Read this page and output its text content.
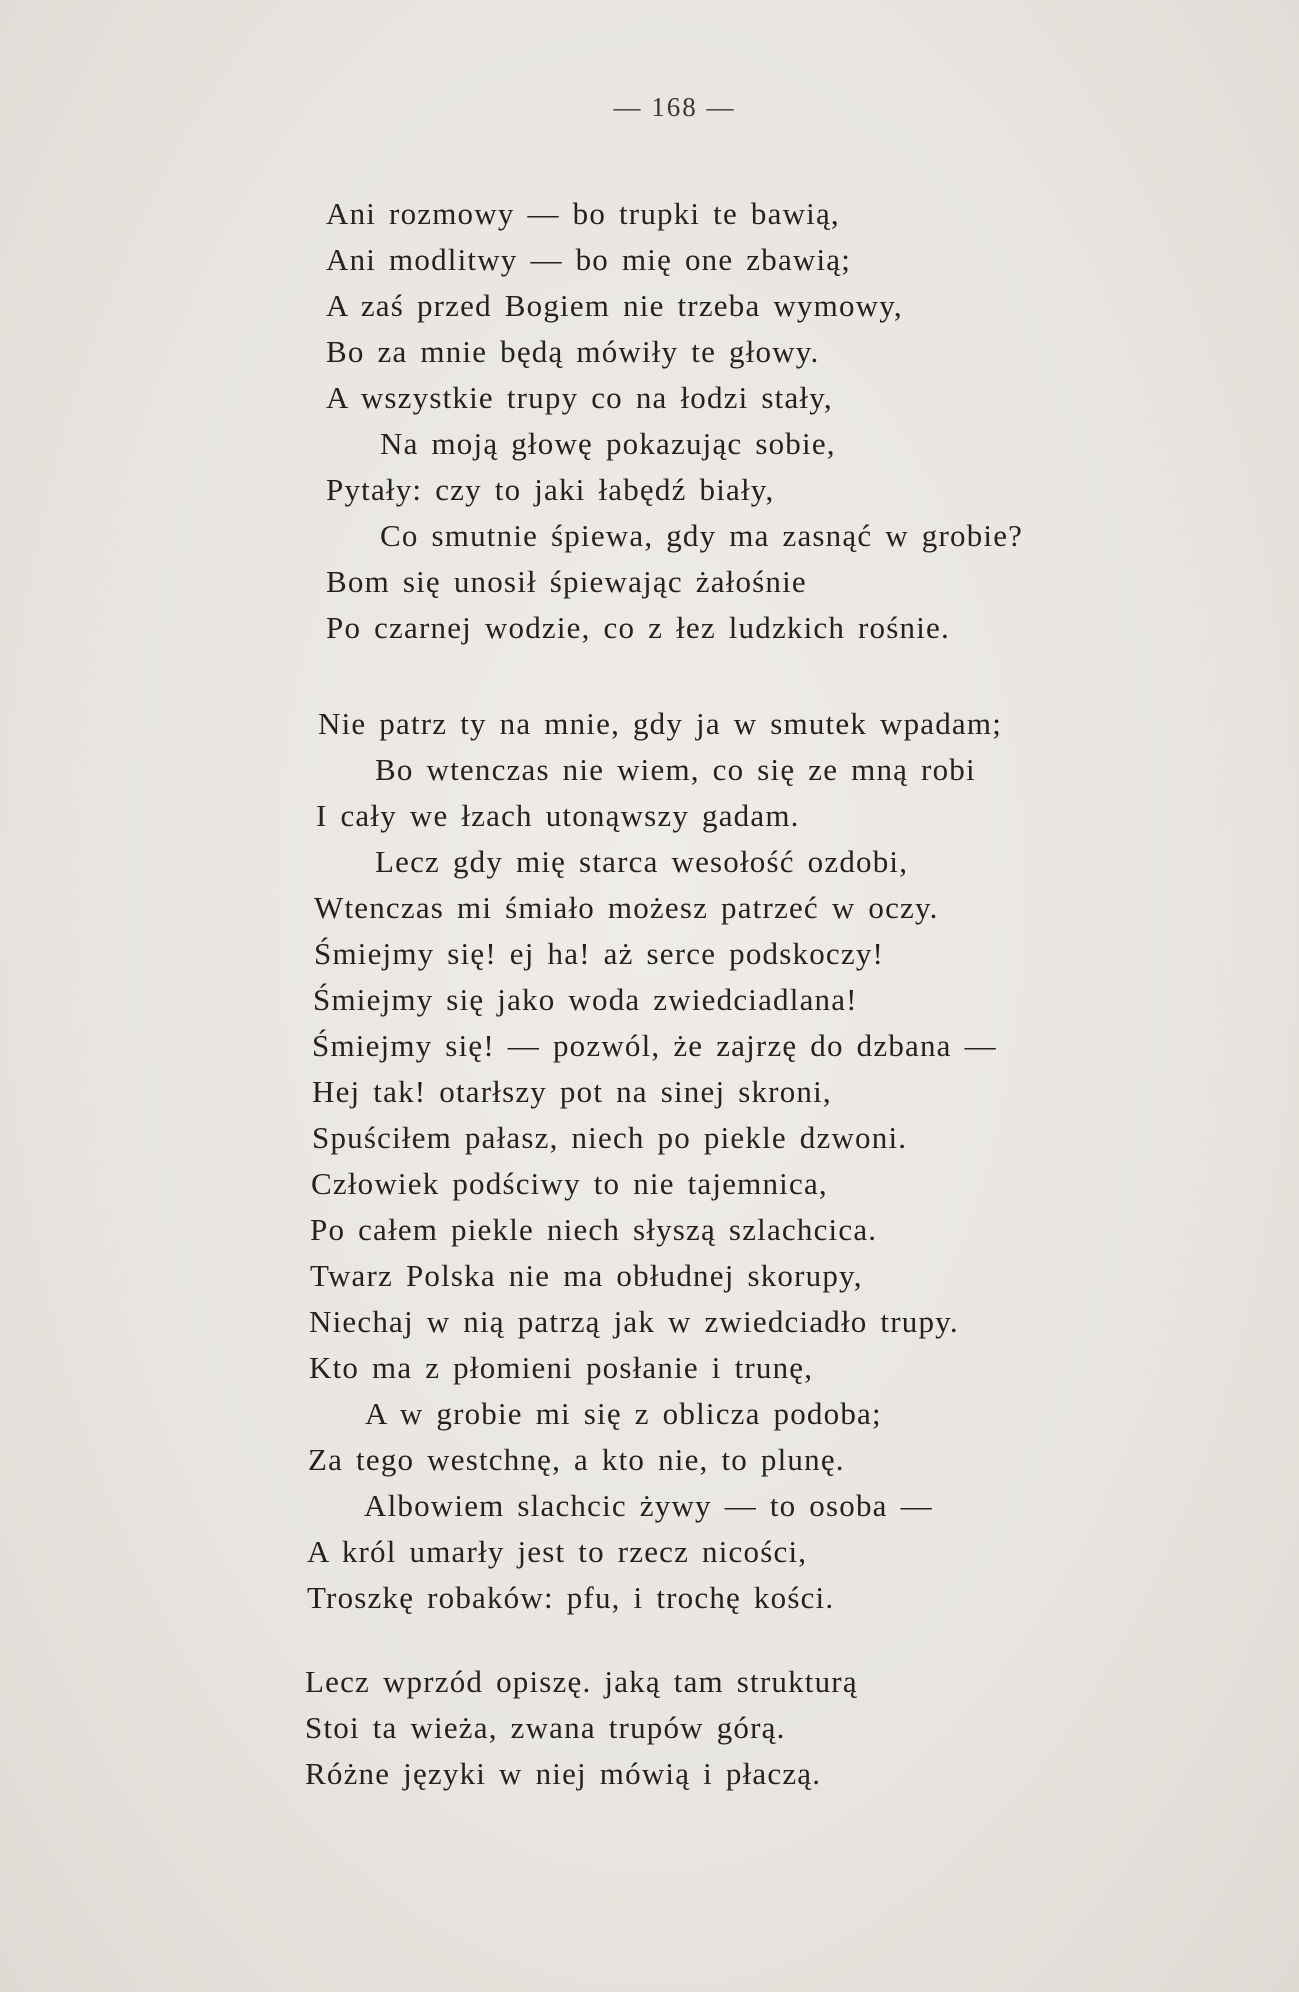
— 168 —
Ani rozmowy — bo trupki te bawią,
Ani modlitwy — bo mię one zbawią;
A zaś przed Bogiem nie trzeba wymowy,
Bo za mnie będą mówiły te głowy.
A wszystkie trupy co na łodzi stały,
Na moją głowę pokazując sobie,
Pytały: czy to jaki łabędź biały,
Co smutnie śpiewa, gdy ma zasnąć w grobie?
Bom się unosił śpiewając żałośnie
Po czarnej wodzie, co z łez ludzkich rośnie.
Nie patrz ty na mnie, gdy ja w smutek wpadam;
Bo wtenczas nie wiem, co się ze mną robi
I cały we łzach utonąwszy gadam.
Lecz gdy mię starca wesołość ozdobi,
Wtenczas mi śmiało możesz patrzeć w oczy.
Śmiejmy się! ej ha! aż serce podskoczy!
Śmiejmy się jako woda zwiedciadlana!
Śmiejmy się! — pozwól, że zajrzę do dzbana —
Hej tak! otarłszy pot na sinej skroni,
Spuściłem pałasz, niech po piekle dzwoni.
Człowiek podściwy to nie tajemnica,
Po całem piekle niech słyszą szlachcica.
Twarz Polska nie ma obłudnej skorupy,
Niechaj w nią patrzą jak w zwiedciadło trupy.
Kto ma z płomieni posłanie i trunę,
A w grobie mi się z oblicza podoba;
Za tego westchnę, a kto nie, to plunę.
Albowiem slachcic żywy — to osoba —
A król umarły jest to rzecz nicości,
Troszkę robaków: pfu, i trochę kości.
Lecz wprzód opiszę. jaką tam strukturą
Stoi ta wieża, zwana trupów górą.
Różne języki w niej mówią i płaczą.
